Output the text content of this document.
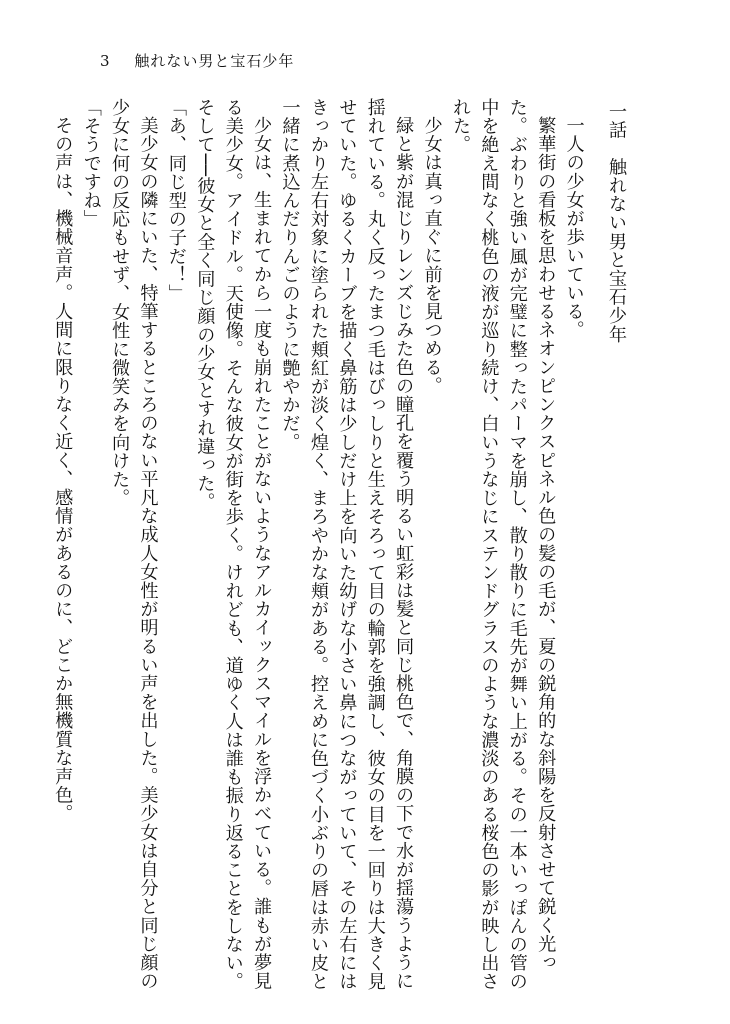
3 触れない男と宝石少年

一話触れない男と宝石少年

一人の少女が歩いている。

繁華街の看板を思わせるネオンピンクスピネル色の髪の毛が、夏の鋭角的な斜陽を反射させて鋭く光った。ぶわりと強い風が完璧に整ったパーマを崩し、散り散りに毛先が舞い上がる。その一本いっぽんの管の中を絶え間なく桃色の液が巡り続け、白いうなじにステンドグラスのような濃淡のある桜色の影が映し出された。

少女は真っ直ぐに前を見つめる。

緑と紫が混じりレンズじみた色の瞳孔を覆う明るい虹彩は髪と同じ桃色で、角膜の下で水が揺蕩うように揺れている。丸く反ったまつ毛はびっしりと生えそろって目の輪郭を強調し、彼女の目を一回りは大きく見せていた。ゆるくカーブを描く鼻筋は少しだけ上を向いた幼げな小さい鼻につながっていて、その左右にはきっかり左右対象に塗られた頬紅が淡く煌く、まろやかな頬がある。控えめに色づく小ぶりの唇は赤い皮と一緒に煮込んだりんごのように艶やかだ。

少女は、生まれてから一度も崩れたことがないようなアルカイックスマイルを浮かべている。誰もが夢見る美少女。アイドル。天使像。そんな彼女が街を歩く。けれども、道ゆく人は誰も振り返ることをしない。そして──彼女と全く同じ顔の少女とすれ違った。

「あ、同じ型の子だ！」

美少女の隣にいた、特筆するところのない平凡な成人女性が明るい声を出した。美少女は自分と同じ顔の少女に何の反応もせず、女性に微笑みを向けた。

「そうですね」

その声は、機械音声。人間に限りなく近く、感情があるのに、どこか無機質な声色。
